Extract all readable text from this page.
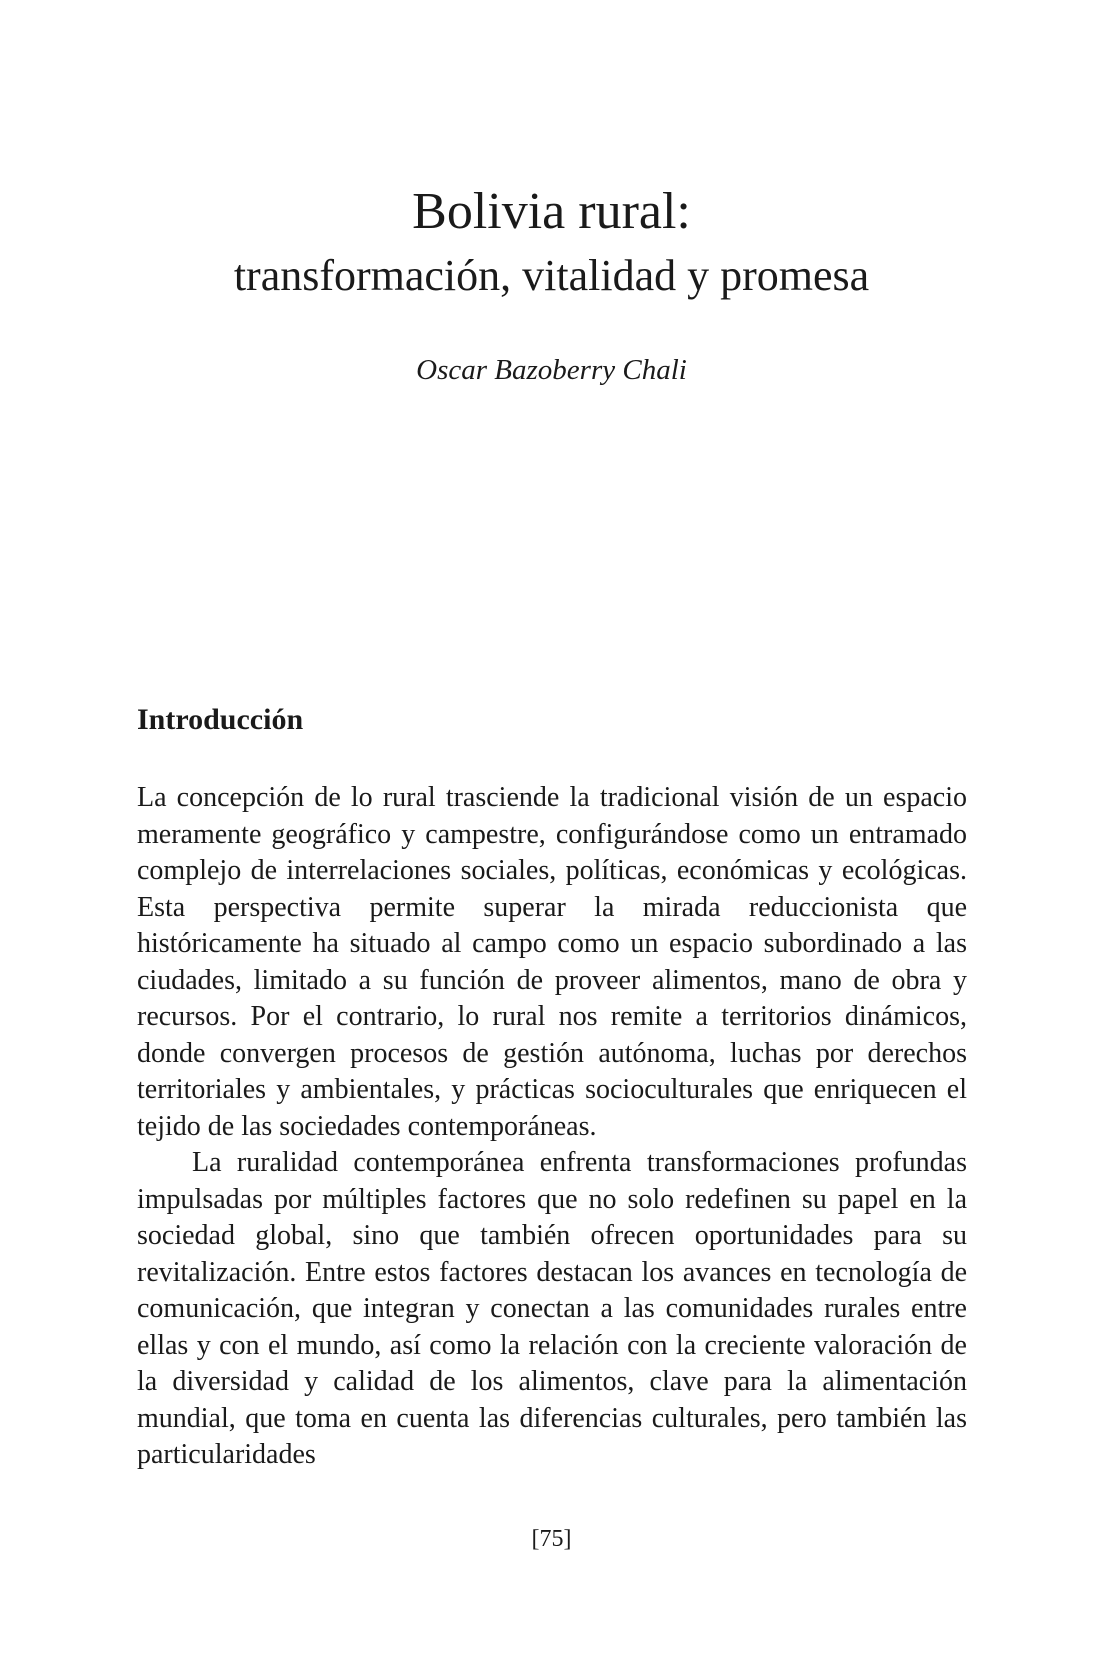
Bolivia rural:
transformación, vitalidad y promesa
Oscar Bazoberry Chali
Introducción

La concepción de lo rural trasciende la tradicional visión de un espacio meramente geográfico y campestre, configurándose como un entramado complejo de interrelaciones sociales, políticas, económicas y ecológicas. Esta perspectiva permite superar la mirada reduccionista que históricamente ha situado al campo como un espacio subordinado a las ciudades, limitado a su función de proveer alimentos, mano de obra y recursos. Por el contrario, lo rural nos remite a territorios dinámicos, donde convergen procesos de gestión autónoma, luchas por derechos territoriales y ambientales, y prácticas socioculturales que enriquecen el tejido de las sociedades contemporáneas.

La ruralidad contemporánea enfrenta transformaciones profundas impulsadas por múltiples factores que no solo redefinen su papel en la sociedad global, sino que también ofrecen oportunidades para su revitalización. Entre estos factores destacan los avances en tecnología de comunicación, que integran y conectan a las comunidades rurales entre ellas y con el mundo, así como la relación con la creciente valoración de la diversidad y calidad de los alimentos, clave para la alimentación mundial, que toma en cuenta las diferencias culturales, pero también las particularidades

[75]
